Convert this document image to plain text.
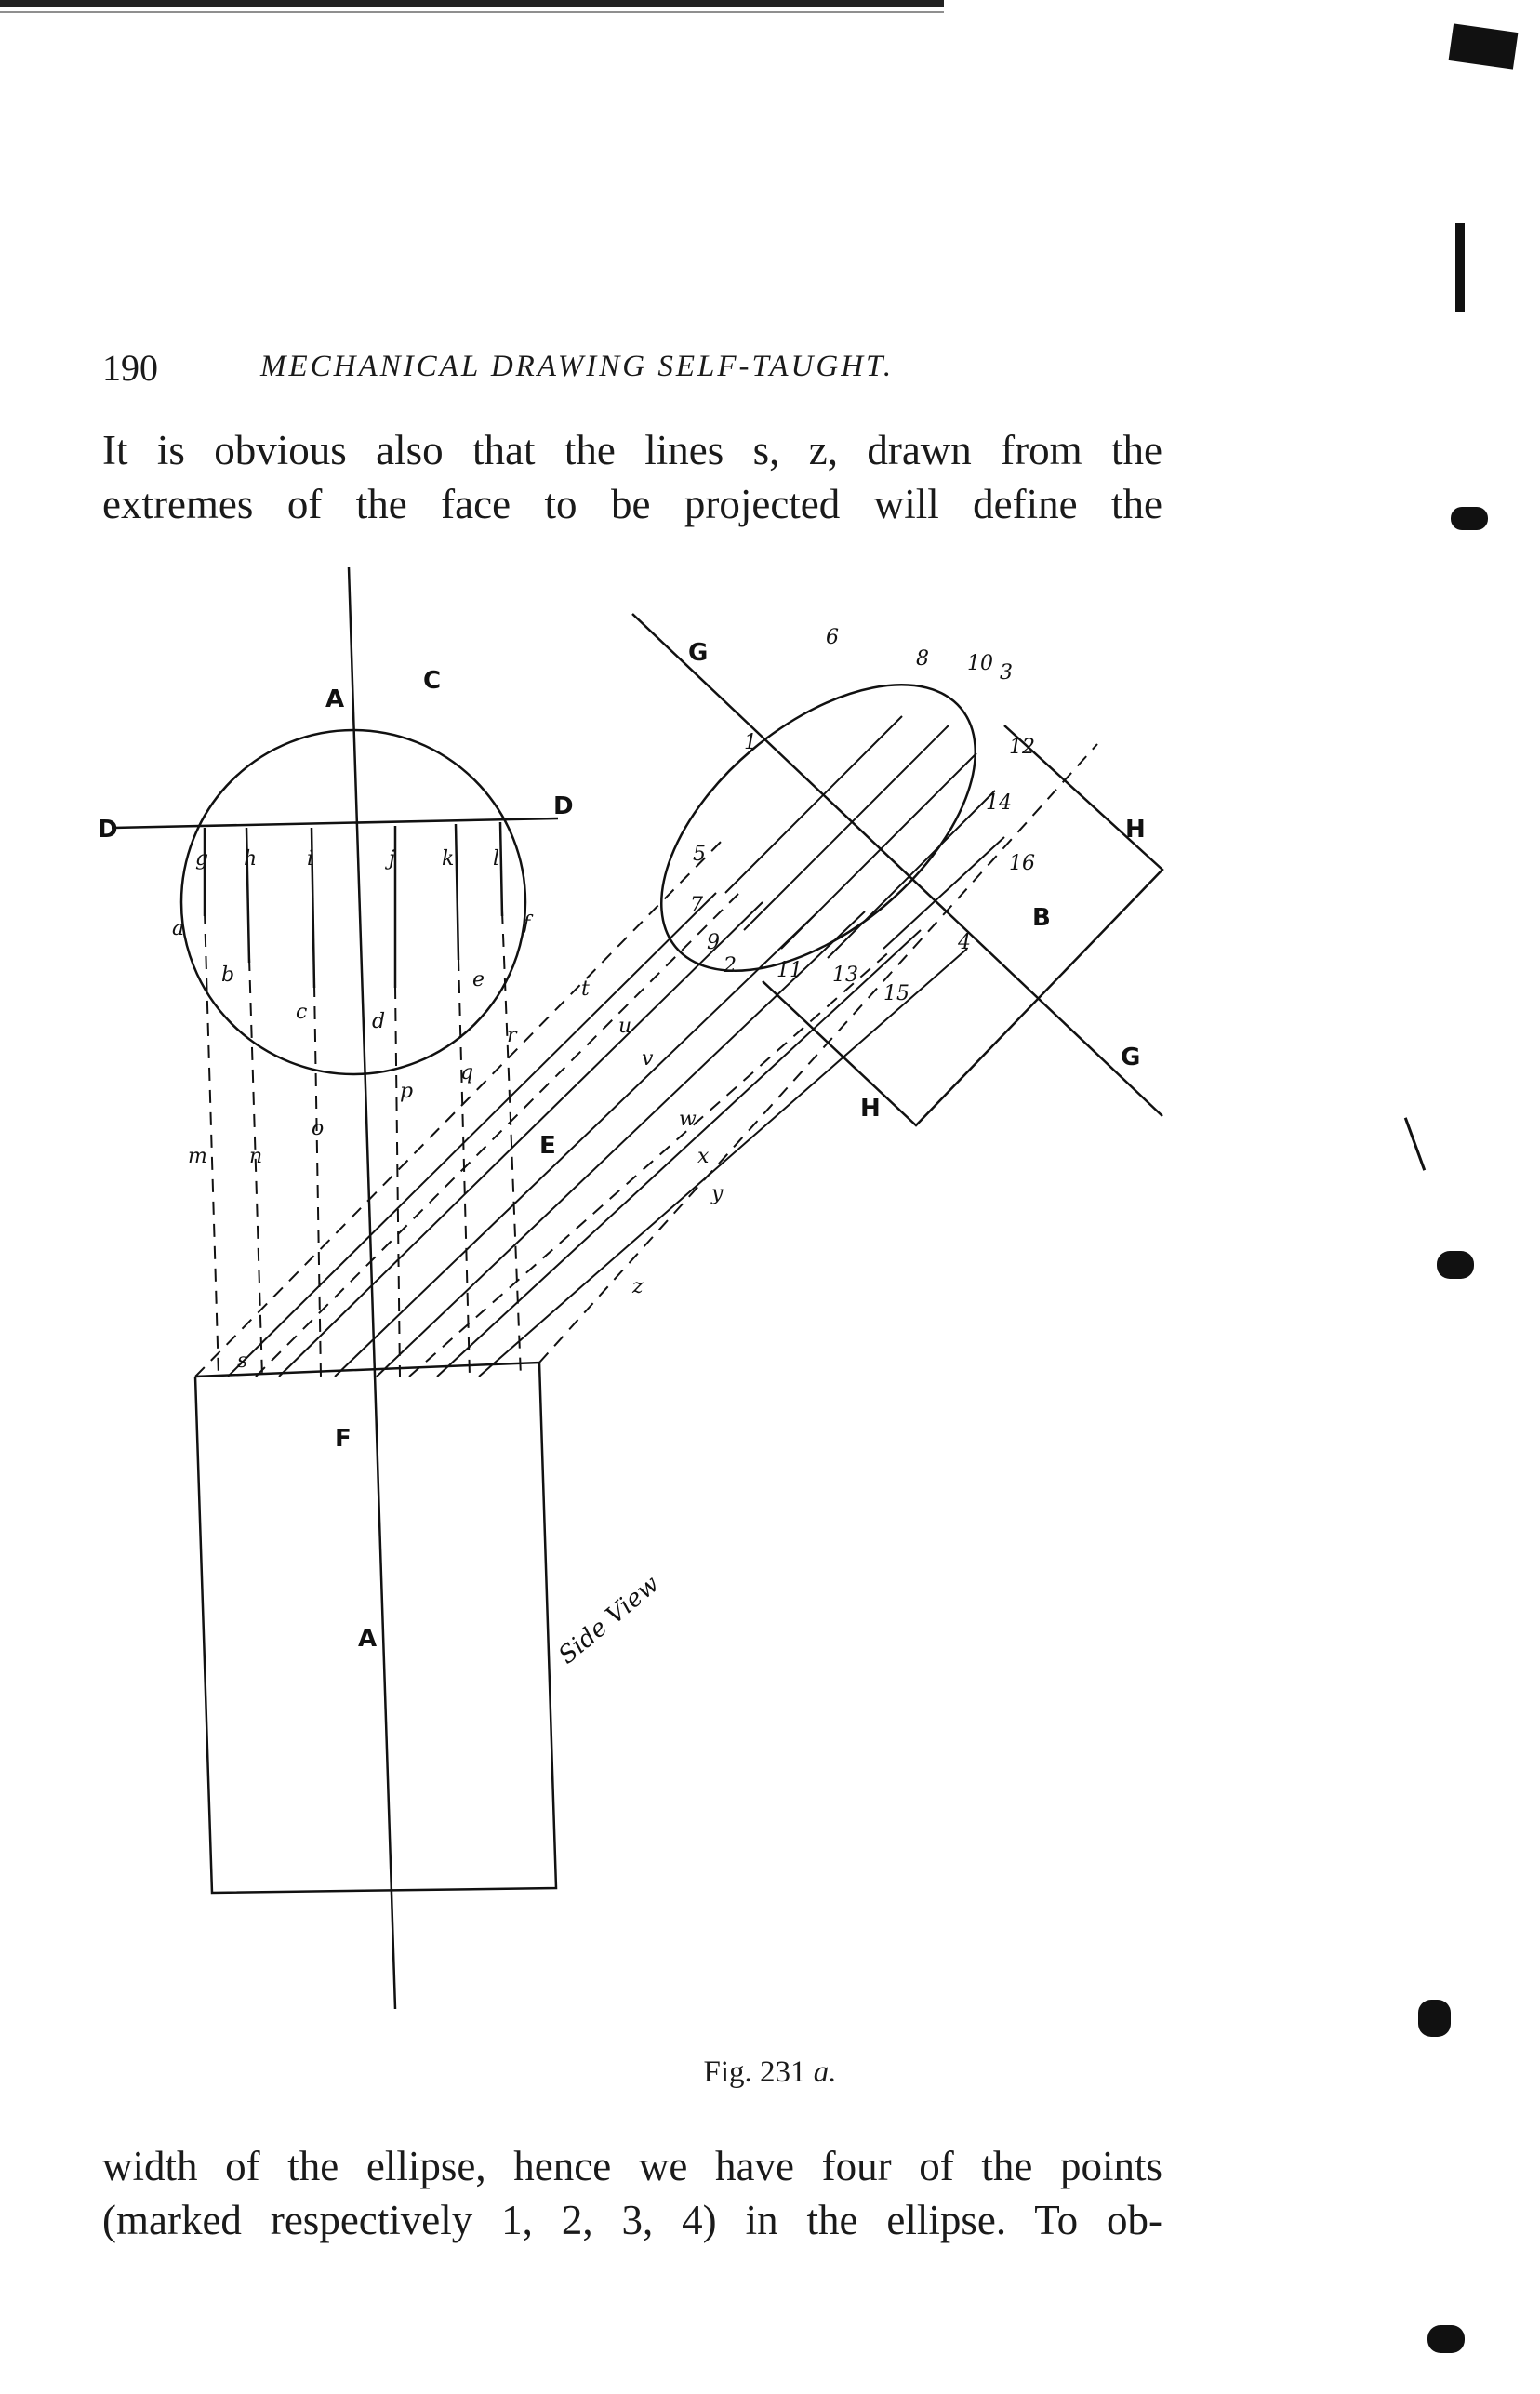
190	MECHANICAL DRAWING SELF-TAUGHT.
It is obvious also that the lines s, z, drawn from the
extremes of the face to be projected will define the
A
C
D
D
G
G
H
H
B
E
F
A	Side View
g h i	j k l
a
b
c	d
e
f
m n
o
p
q
r
s
t
u
v
w
x
y
z
1
2
3
4
5
6
7
8
9
10
11
12
13
14
15
16
Fig. 231 a.
width of the ellipse, hence we have four of the points
(marked respectively 1, 2, 3, 4) in the ellipse. To ob-
